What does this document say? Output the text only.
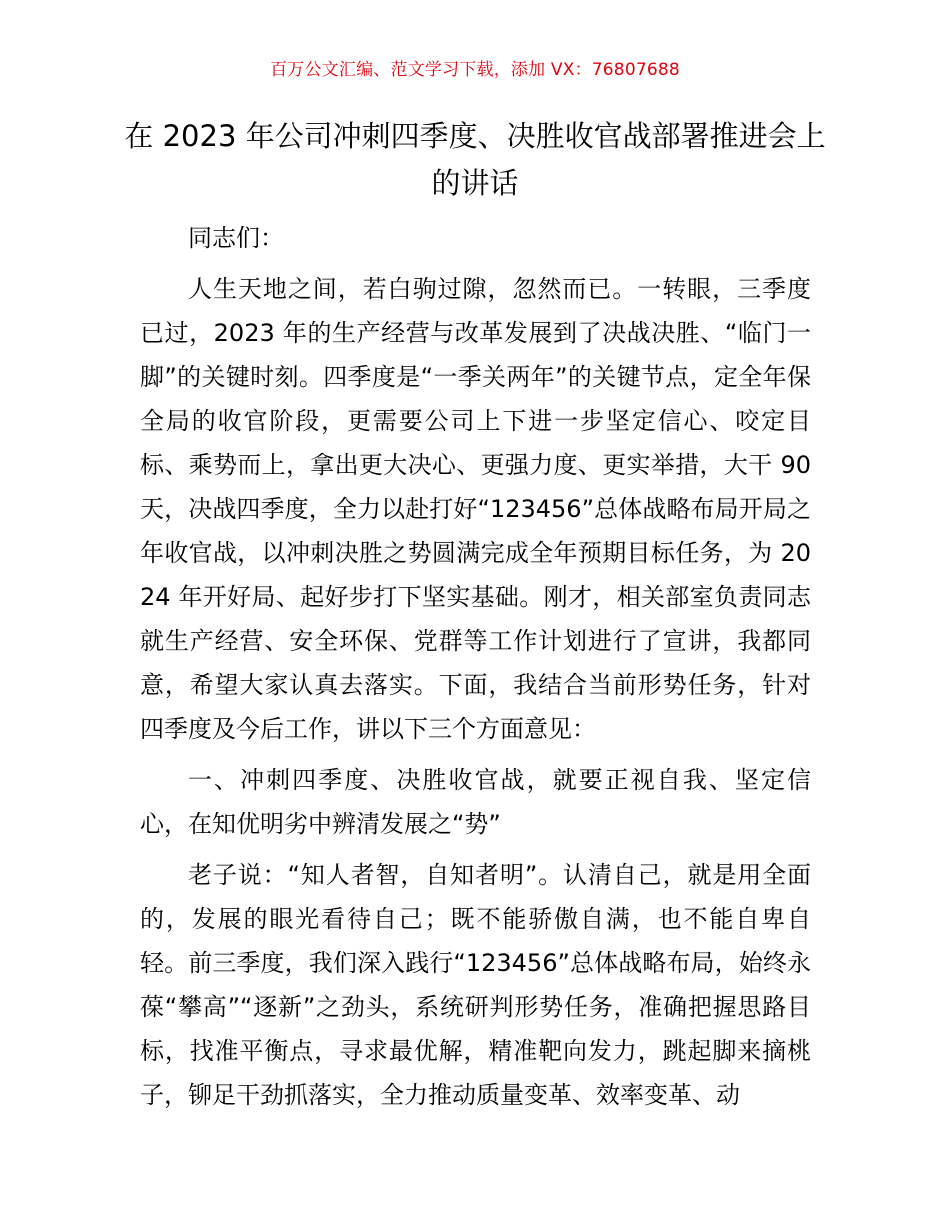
百万公文汇编、范文学习下载，添加 VX：76807688
在 2023 年公司冲刺四季度、决胜收官战部署推进会上的讲话

同志们：

人生天地之间，若白驹过隙，忽然而已。一转眼，三季度已过，2023 年的生产经营与改革发展到了决战决胜、“临门一脚”的关键时刻。四季度是“一季关两年”的关键节点，定全年保全局的收官阶段，更需要公司上下进一步坚定信心、咬定目标、乘势而上，拿出更大决心、更强力度、更实举措，大干 90 天，决战四季度，全力以赴打好“123456”总体战略布局开局之年收官战，以冲刺决胜之势圆满完成全年预期目标任务，为 2024 年开好局、起好步打下坚实基础。刚才，相关部室负责同志就生产经营、安全环保、党群等工作计划进行了宣讲，我都同意，希望大家认真去落实。下面，我结合当前形势任务，针对四季度及今后工作，讲以下三个方面意见：

一、冲刺四季度、决胜收官战，就要正视自我、坚定信心，在知优明劣中辨清发展之“势”

老子说：“知人者智，自知者明”。认清自己，就是用全面的，发展的眼光看待自己；既不能骄傲自满，也不能自卑自轻。前三季度，我们深入践行“123456”总体战略布局，始终永葆“攀高”“逐新”之劲头，系统研判形势任务，准确把握思路目标，找准平衡点，寻求最优解，精准靶向发力，跳起脚来摘桃子，铆足干劲抓落实，全力推动质量变革、效率变革、动
